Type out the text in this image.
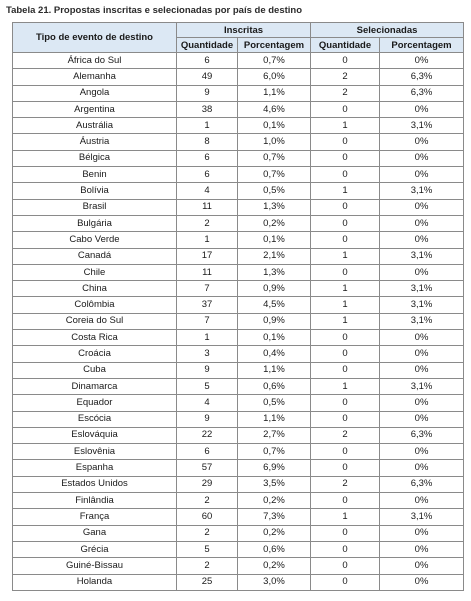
Tabela 21. Propostas inscritas e selecionadas por país de destino
Tipo de evento de destino	Inscritas		Selecionadas	
	Quantidade	Porcentagem	Quantidade	Porcentagem
África do Sul	6	0,7%	0	0%
Alemanha	49	6,0%	2	6,3%
Angola	9	1,1%	2	6,3%
Argentina	38	4,6%	0	0%
Austrália	1	0,1%	1	3,1%
Áustria	8	1,0%	0	0%
Bélgica	6	0,7%	0	0%
Benin	6	0,7%	0	0%
Bolívia	4	0,5%	1	3,1%
Brasil	11	1,3%	0	0%
Bulgária	2	0,2%	0	0%
Cabo Verde	1	0,1%	0	0%
Canadá	17	2,1%	1	3,1%
Chile	11	1,3%	0	0%
China	7	0,9%	1	3,1%
Colômbia	37	4,5%	1	3,1%
Coreia do Sul	7	0,9%	1	3,1%
Costa Rica	1	0,1%	0	0%
Croácia	3	0,4%	0	0%
Cuba	9	1,1%	0	0%
Dinamarca	5	0,6%	1	3,1%
Equador	4	0,5%	0	0%
Escócia	9	1,1%	0	0%
Eslováquia	22	2,7%	2	6,3%
Eslovênia	6	0,7%	0	0%
Espanha	57	6,9%	0	0%
Estados Unidos	29	3,5%	2	6,3%
Finlândia	2	0,2%	0	0%
França	60	7,3%	1	3,1%
Gana	2	0,2%	0	0%
Grécia	5	0,6%	0	0%
Guiné-Bissau	2	0,2%	0	0%
Holanda	25	3,0%	0	0%
